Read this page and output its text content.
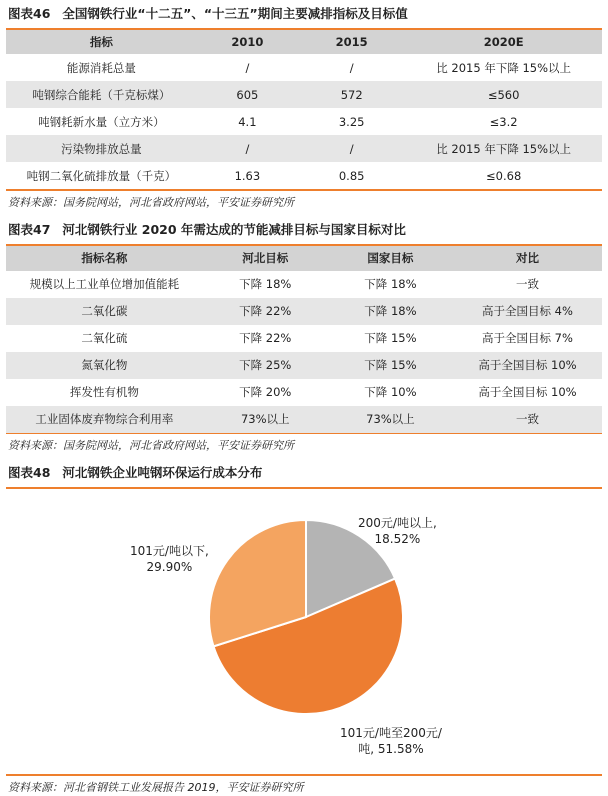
图表46 全国钢铁行业“十二五”、“十三五”期间主要减排指标及目标值
指标	2010	2015	2020E
能源消耗总量	/	/	比 2015 年下降 15%以上
吨钢综合能耗（千克标煤）	605	572	≤560
吨钢耗新水量（立方米）	4.1	3.25	≤3.2
污染物排放总量	/	/	比 2015 年下降 15%以上
吨钢二氧化硫排放量（千克）	1.63	0.85	≤0.68
资料来源：国务院网站，河北省政府网站，平安证券研究所
图表47 河北钢铁行业 2020 年需达成的节能减排目标与国家目标对比
指标名称	河北目标	国家目标	对比
规模以上工业单位增加值能耗	下降 18%	下降 18%	一致
二氧化碳	下降 22%	下降 18%	高于全国目标 4%
二氧化硫	下降 22%	下降 15%	高于全国目标 7%
氮氧化物	下降 25%	下降 15%	高于全国目标 10%
挥发性有机物	下降 20%	下降 10%	高于全国目标 10%
工业固体废弃物综合利用率	73%以上	73%以上	一致
资料来源：国务院网站，河北省政府网站，平安证券研究所
图表48 河北钢铁企业吨钢环保运行成本分布
200元/吨以上,
18.52%
101元/吨至200元/
吨, 51.58%
101元/吨以下,
29.90%
资料来源：河北省钢铁工业发展报告 2019，平安证券研究所
